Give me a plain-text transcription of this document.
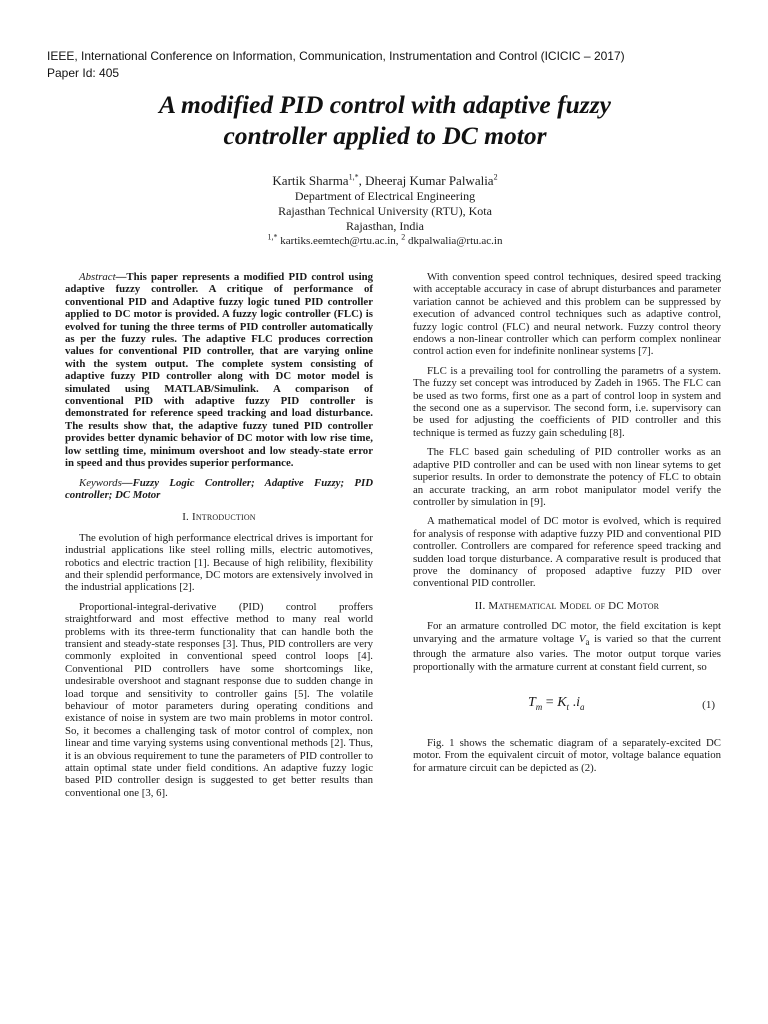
IEEE, International Conference on Information, Communication, Instrumentation and Control (ICICIC – 2017)
Paper Id: 405
A modified PID control with adaptive fuzzy
controller applied to DC motor
Kartik Sharma$^{1,*}$, Dheeraj Kumar Palwalia$^2$
Department of Electrical Engineering
Rajasthan Technical University (RTU), Kota
Rajasthan, India
$^{1,*}$ kartiks.eemtech@rtu.ac.in, $^2$ dkpalwalia@rtu.ac.in

Abstract—This paper represents a modified PID control using adaptive fuzzy controller. A critique of performance of conventional PID and Adaptive fuzzy logic tuned PID controller applied to DC motor is provided. A fuzzy logic controller (FLC) is evolved for tuning the three terms of PID controller automatically as per the fuzzy rules. The adaptive FLC produces correction values for conventional PID controller, that are varying online with the system output. The complete system consisting of adaptive fuzzy PID controller along with DC motor model is simulated using MATLAB/Simulink. A comparison of conventional PID with adaptive fuzzy PID controller is demonstrated for reference speed tracking and load disturbance. The results show that, the adaptive fuzzy tuned PID controller provides better dynamic behavior of DC motor with low rise time, low settling time, minimum overshoot and low steady-state error in speed and thus provides superior performance.

Keywords—Fuzzy Logic Controller; Adaptive Fuzzy; PID controller; DC Motor

I. Introduction

The evolution of high performance electrical drives is important for industrial applications like steel rolling mills, electric automotives, robotics and electric traction [1]. Because of high relibility, flexibility and their splendid performance, DC motors are extensively involved in the industrial applications [2].

Proportional-integral-derivative (PID) control proffers straightforward and most effective method to many real world problems with its three-term functionality that can handle both the transient and steady-state responses [3]. Thus, PID controllers are very commonly exploited in conventional speed control loops [4]. Conventional PID controllers have some shortcomings like, undesirable overshoot and stagnant response due to sudden change in load torque and sensitivity to controller gains [5]. The volatile behaviour of motor parameters during operating conditions and existance of noise in system are two main problems in motor control. So, it becomes a challenging task of motor control of complex, non linear and time varying systems using conventional methods [2]. Thus, it is an obvious requirement to tune the parameters of PID controller to attain optimal state under field conditions. An adaptive fuzzy logic based PID controller design is suggested to get better results than conventional one [3, 6].

With convention speed control techniques, desired speed tracking with acceptable accuracy in case of abrupt disturbances and parameter variation cannot be achieved and this problem can be suppressed by execution of advanced control techniques such as adaptive control, fuzzy logic control (FLC) and neural network. Fuzzy control theory endows a non-linear controller which can perform complex nonlinear control action even for indefinite nonlinear systems [7].

FLC is a prevailing tool for controlling the parametrs of a system. The fuzzy set concept was introduced by Zadeh in 1965. The FLC can be used as two forms, first one as a part of control loop in system and the second one as a supervisor. The second form, i.e. supervisory can be used for adjusting the coefficients of PID controller and this technique is termed as fuzzy gain scheduling [8].

The FLC based gain scheduling of PID controller works as an adaptive PID controller and can be used with non linear sytems to get superior results. In order to demonstrate the potency of FLC to obtain an accurate tracking, an arm robot manipulator model verify the controller by simulation in [9].

A mathematical model of DC motor is evolved, which is required for analysis of response with adaptive fuzzy PID and conventional PID controller. Controllers are compared for reference speed tracking and sudden load torque disturbance. A comparative result is produced that prove the dominancy of proposed adaptive fuzzy PID over conventional PID controller.

II. Mathematical Model of DC Motor

For an armature controlled DC motor, the field excitation is kept unvarying and the armature voltage $V_a$ is varied so that the current through the armature also varies. The motor output torque varies proportionally with the armature current at constant field current, so

$T_m = K_t$ $.i_a$	(1)

Fig. 1 shows the schematic diagram of a separately-excited DC motor. From the equivalent circuit of motor, voltage balance equation for armature circuit can be depicted as (2).
